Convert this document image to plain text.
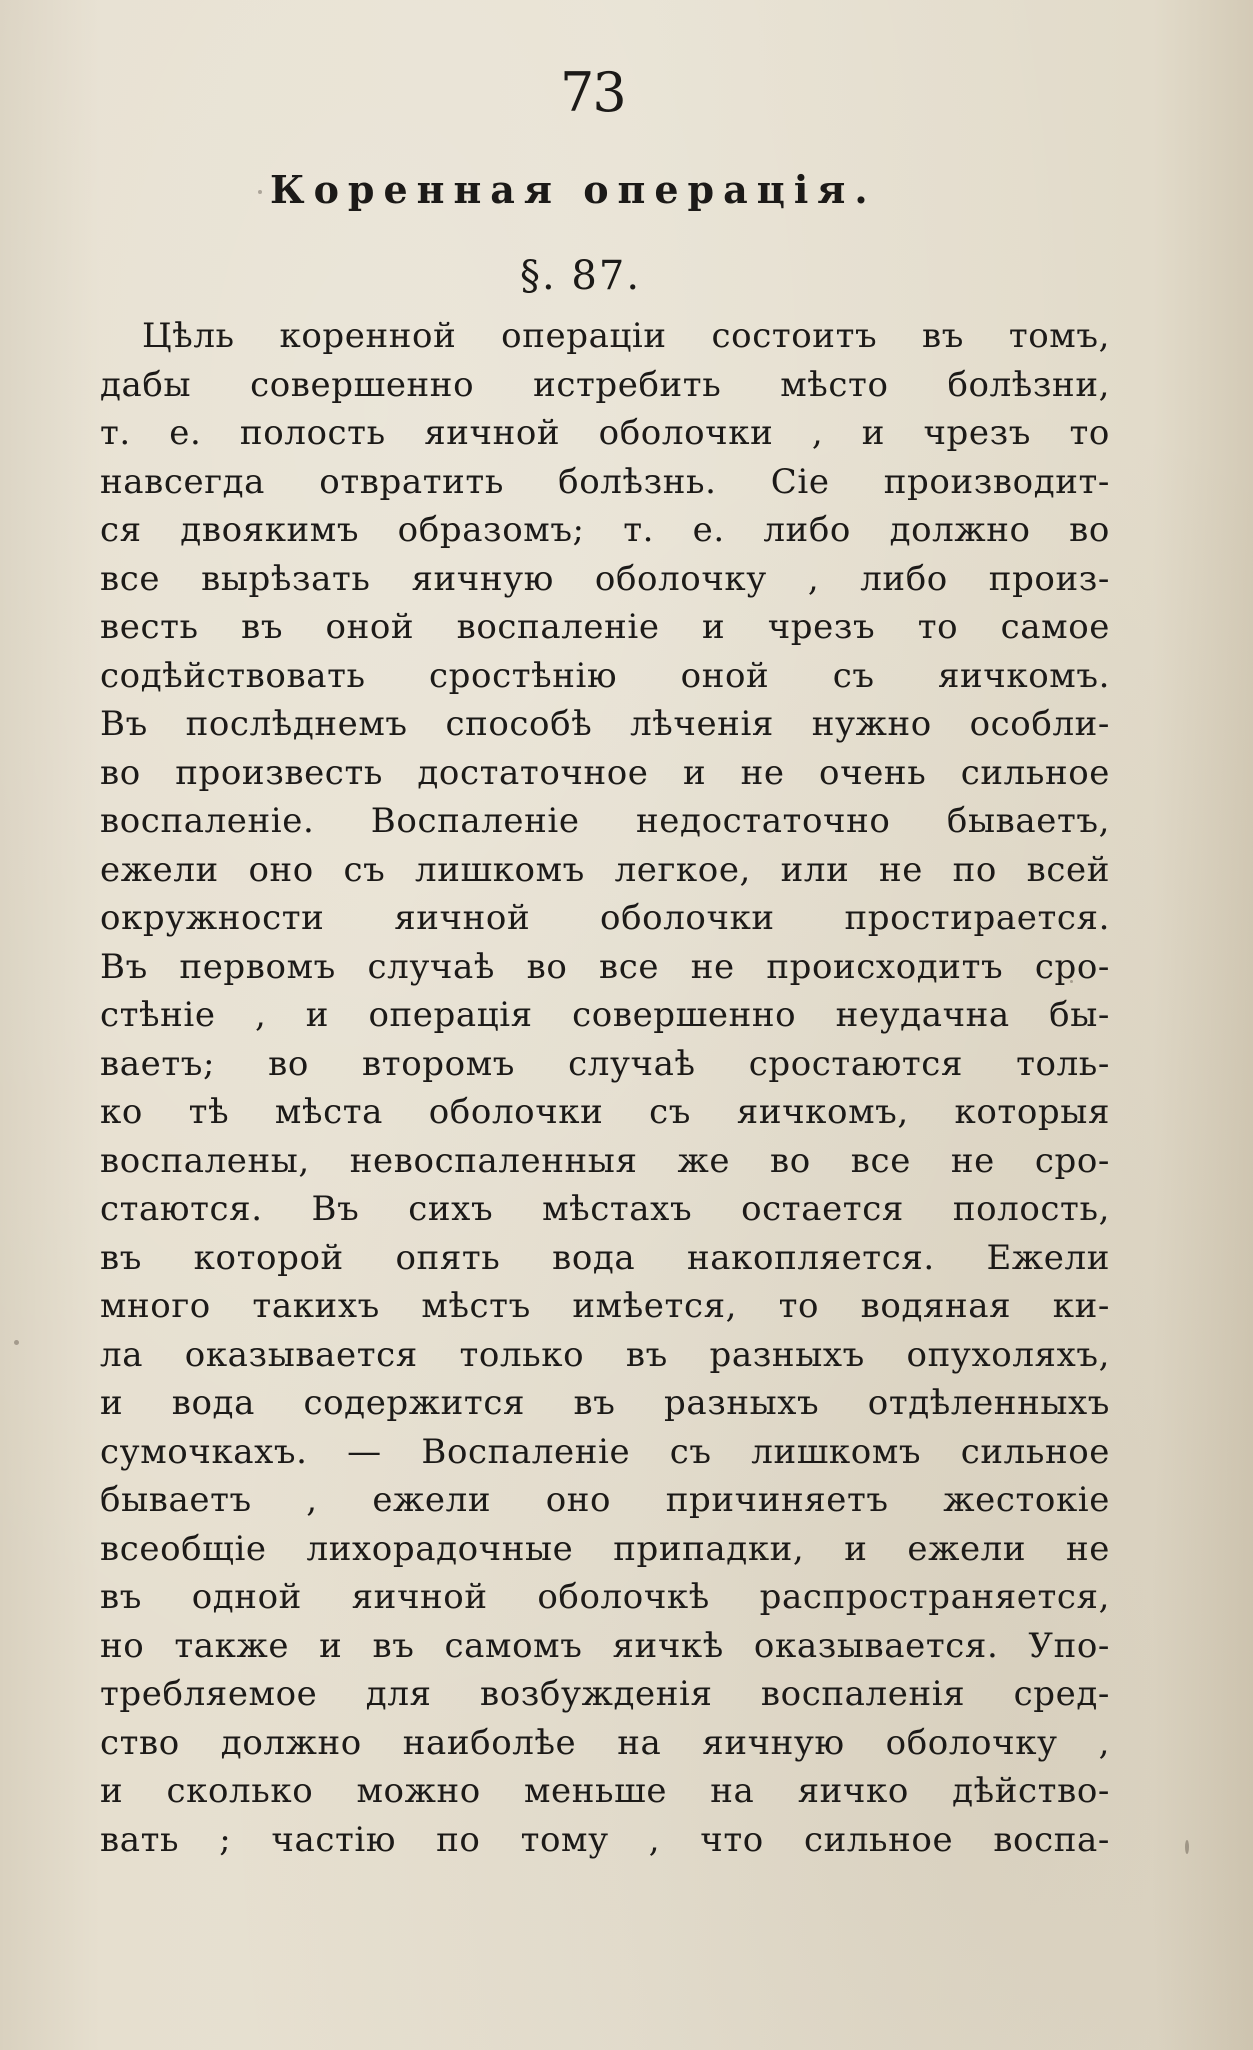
73
Коренная операція.
§. 87.
Цѣль коренной операціи состоитъ въ томъ,
дабы совершенно истребить мѣсто болѣзни,
т. е. полость яичной оболочки , и чрезъ то
навсегда отвратить болѣзнь. Сіе производит-
ся двоякимъ образомъ; т. е. либо должно во
все вырѣзать яичную оболочку , либо произ-
весть въ оной воспаленіе и чрезъ то самое
содѣйствовать сростѣнію оной съ яичкомъ.
Въ послѣднемъ способѣ лѣченія нужно особли-
во произвесть достаточное и не очень сильное
воспаленіе. Воспаленіе недостаточно бываетъ,
ежели оно съ лишкомъ легкое, или не по всей
окружности яичной оболочки простирается.
Въ первомъ случаѣ во все не происходитъ сро-
стѣніе , и операція совершенно неудачна бы-
ваетъ; во второмъ случаѣ сростаются толь-
ко тѣ мѣста оболочки съ яичкомъ, которыя
воспалены, невоспаленныя же во все не сро-
стаются. Въ сихъ мѣстахъ остается полость,
въ которой опять вода накопляется. Ежели
много такихъ мѣстъ имѣется, то водяная ки-
ла оказывается только въ разныхъ опухоляхъ,
и вода содержится въ разныхъ отдѣленныхъ
сумочкахъ. — Воспаленіе съ лишкомъ сильное
бываетъ , ежели оно причиняетъ жестокіе
всеобщіе лихорадочные припадки, и ежели не
въ одной яичной оболочкѣ распространяется,
но также и въ самомъ яичкѣ оказывается. Упо-
требляемое для возбужденія воспаленія сред-
ство должно наиболѣе на яичную оболочку ,
и сколько можно меньше на яичко дѣйство-
вать ; частію по тому , что сильное воспа-
